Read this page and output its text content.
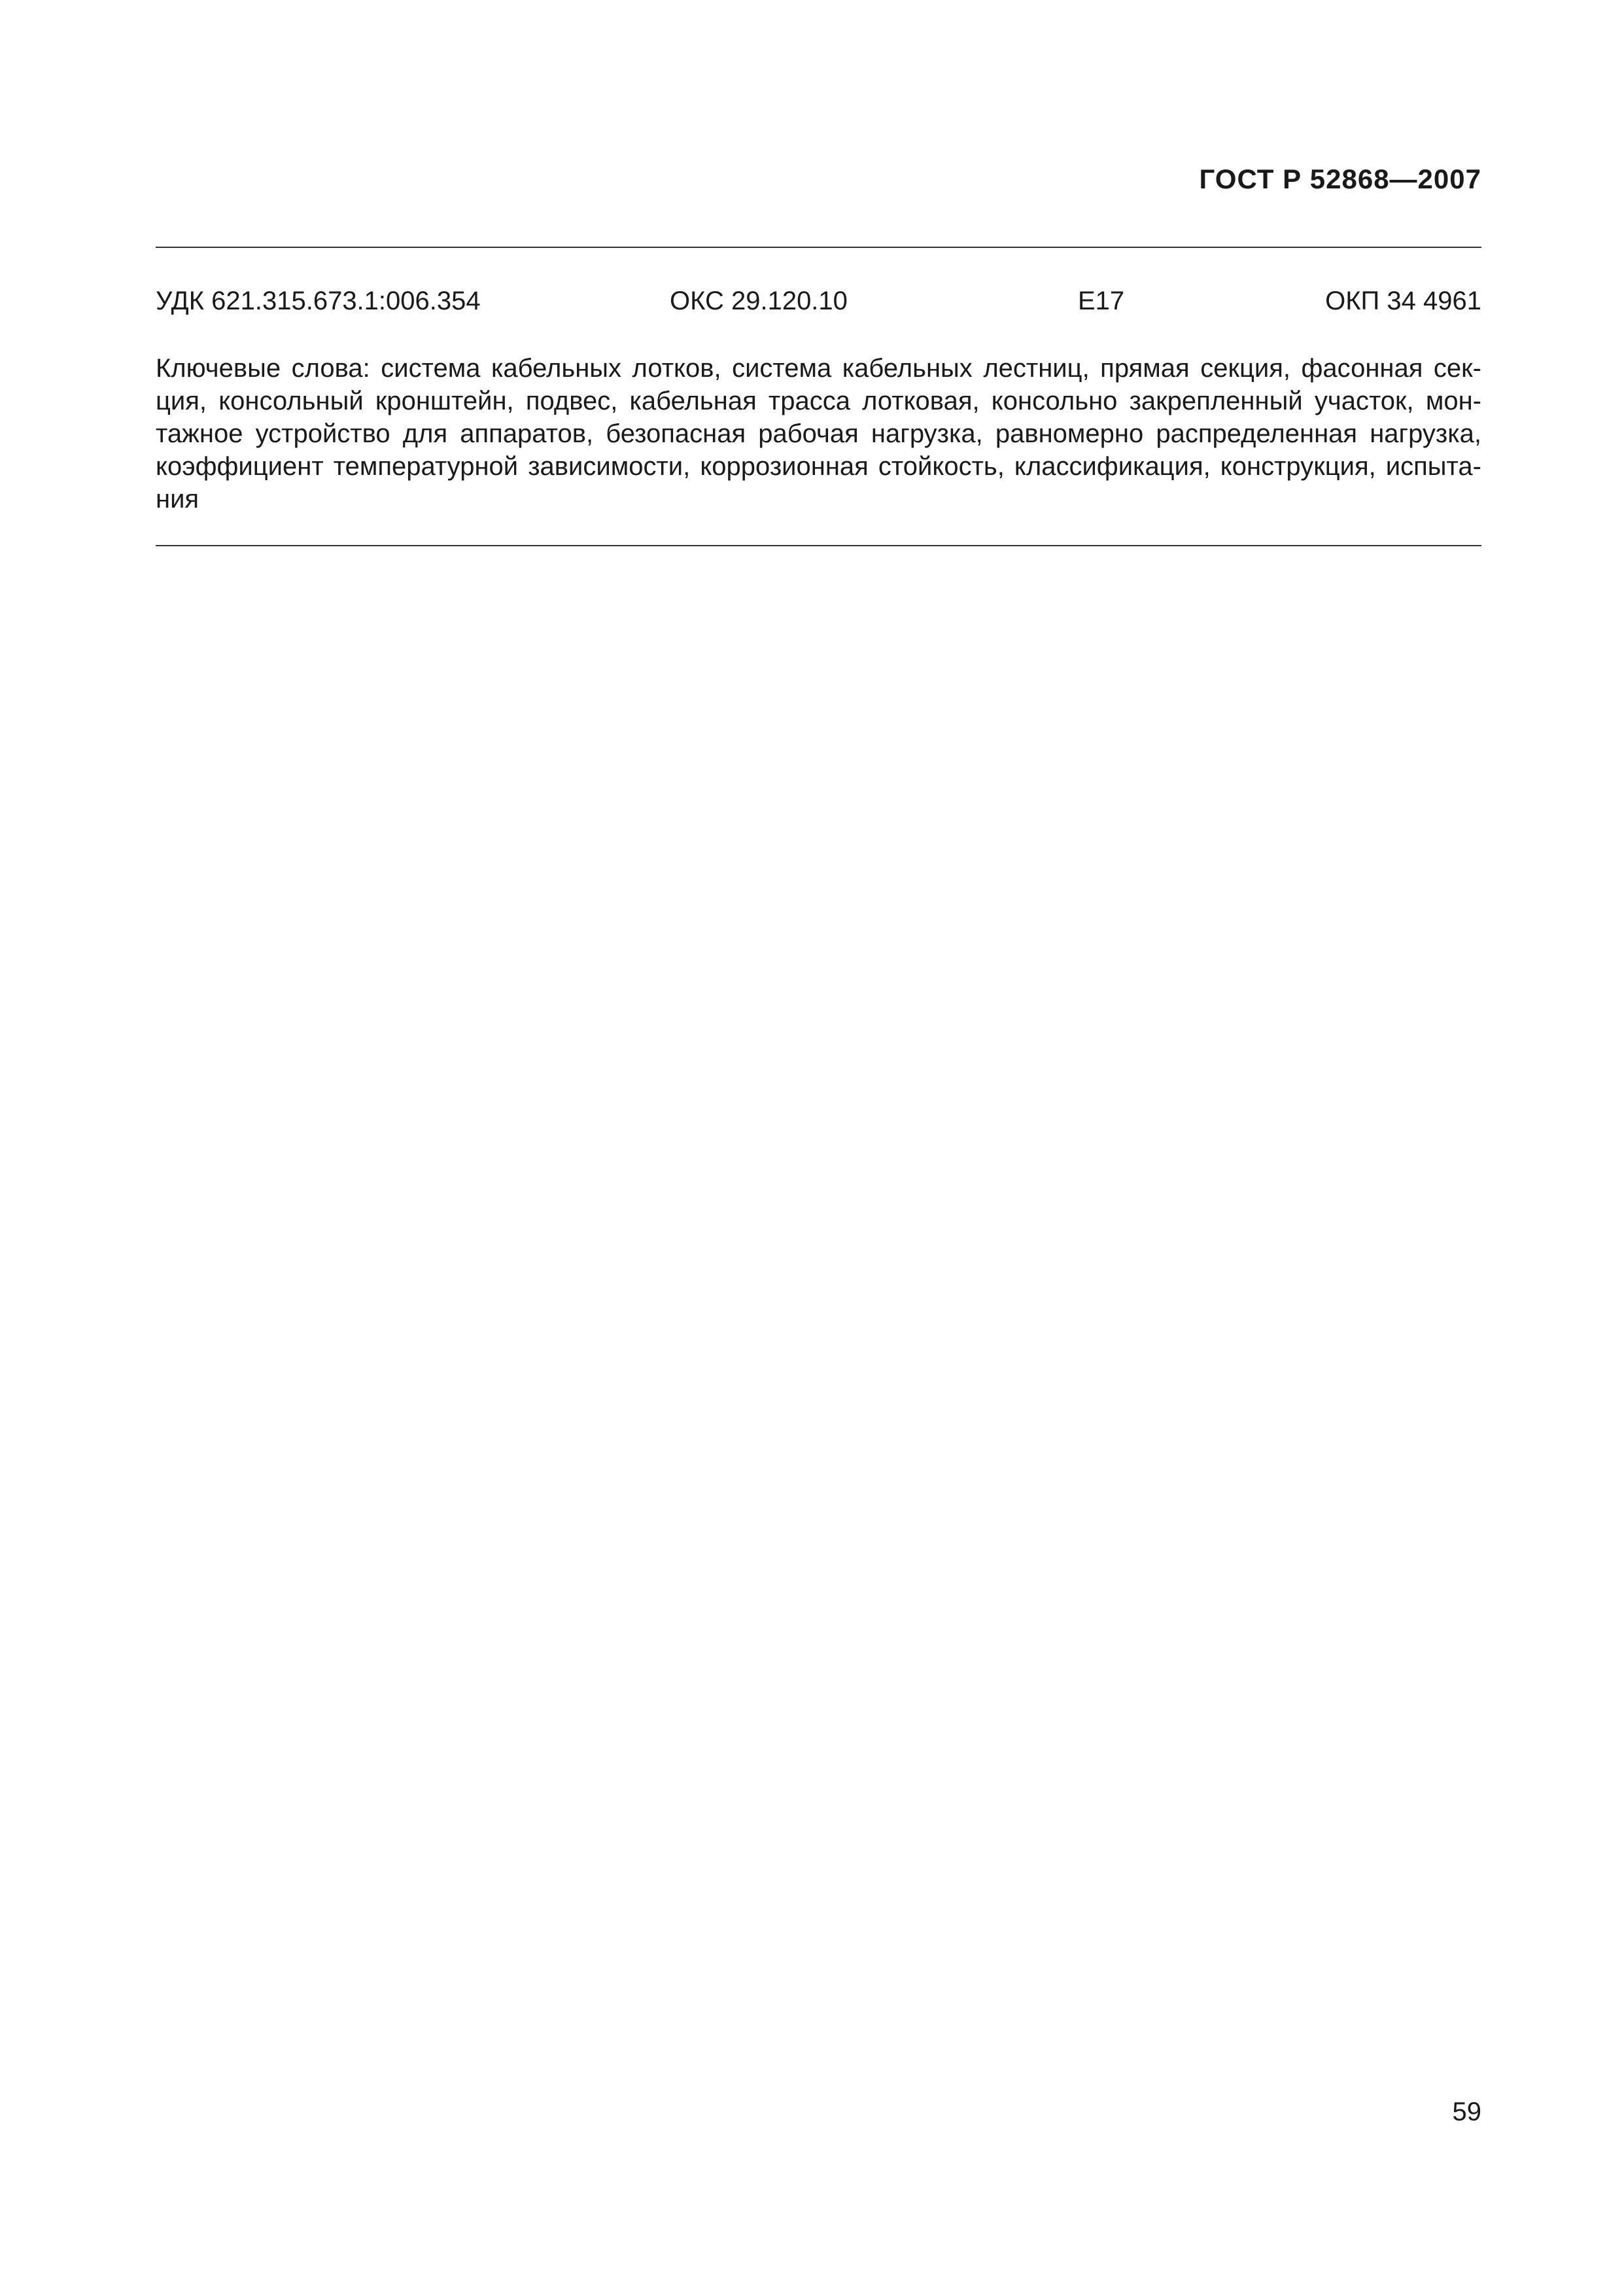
ГОСТ Р 52868—2007
УДК 621.315.673.1:006.354	ОКС 29.120.10	Е17	ОКП 34 4961
Ключевые слова: система кабельных лотков, система кабельных лестниц, прямая секция, фасонная сек-
ция, консольный кронштейн, подвес, кабельная трасса лотковая, консольно закрепленный участок, мон-
тажное устройство для аппаратов, безопасная рабочая нагрузка, равномерно распределенная нагрузка,
коэффициент температурной зависимости, коррозионная стойкость, классификация, конструкция, испыта-
ния
59
